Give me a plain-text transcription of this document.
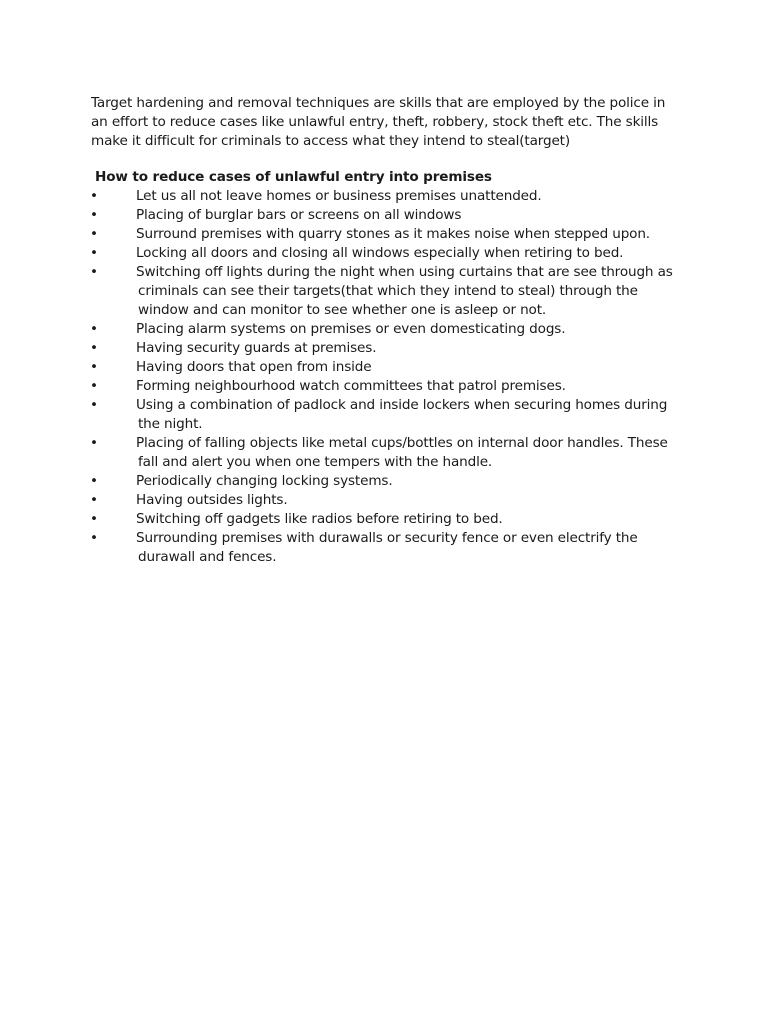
Target hardening and removal techniques are skills that are employed by the police in
an effort to reduce cases like unlawful entry, theft, robbery, stock theft etc. The skills
make it difficult for criminals to access what they intend to steal(target)

How to reduce cases of unlawful entry into premises
•	Let us all not leave homes or business premises unattended.
•	Placing of burglar bars or screens on all windows
•	Surround premises with quarry stones as it makes noise when stepped upon.
•	Locking all doors and closing all windows especially when retiring to bed.
•	Switching off lights during the night when using curtains that are see through as
criminals can see their targets(that which they intend to steal) through the
window and can monitor to see whether one is asleep or not.
•	Placing alarm systems on premises or even domesticating dogs.
•	Having security guards at premises.
•	Having doors that open from inside
•	Forming neighbourhood watch committees that patrol premises.
•	Using a combination of padlock and inside lockers when securing homes during
the night.
•	Placing of falling objects like metal cups/bottles on internal door handles. These
fall and alert you when one tempers with the handle.
•	Periodically changing locking systems.
•	Having outsides lights.
•	Switching off gadgets like radios before retiring to bed.
•	Surrounding premises with durawalls or security fence or even electrify the
durawall and fences.
